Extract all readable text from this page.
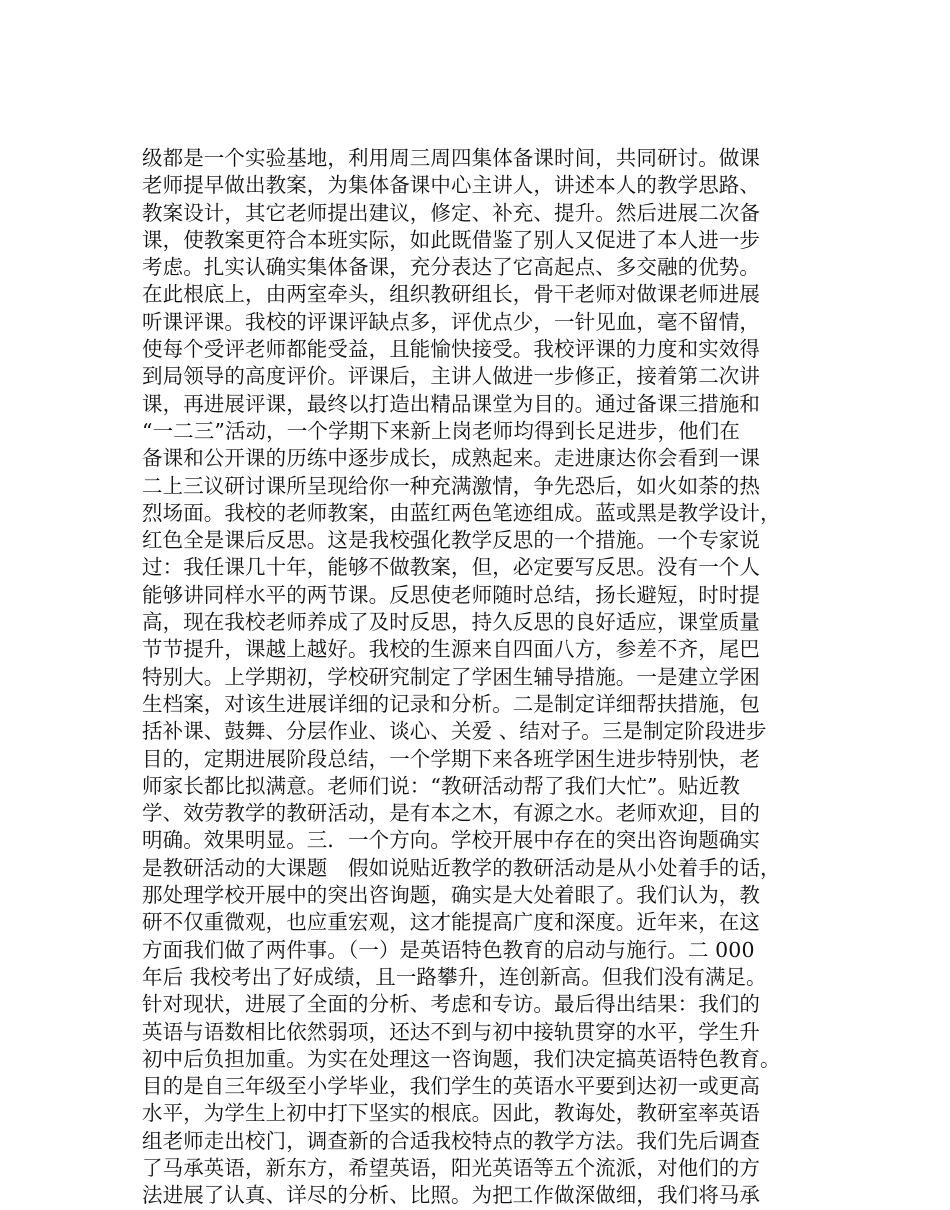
级都是一个实验基地，利用周三周四集体备课时间，共同研讨。做课
老师提早做出教案，为集体备课中心主讲人，讲述本人的教学思路、
教案设计，其它老师提出建议，修定、补充、提升。然后进展二次备
课，使教案更符合本班实际，如此既借鉴了别人又促进了本人进一步
考虑。扎实认确实集体备课，充分表达了它高起点、多交融的优势。
在此根底上，由两室牵头，组织教研组长，骨干老师对做课老师进展
听课评课。我校的评课评缺点多，评优点少，一针见血，毫不留情，
使每个受评老师都能受益，且能愉快接受。我校评课的力度和实效得
到局领导的高度评价。评课后，主讲人做进一步修正，接着第二次讲
课，再进展评课，最终以打造出精品课堂为目的。通过备课三措施和
“一二三”活动，一个学期下来新上岗老师均得到长足进步，他们在
备课和公开课的历练中逐步成长，成熟起来。走进康达你会看到一课
二上三议研讨课所呈现给你一种充满激情，争先恐后，如火如荼的热
烈场面。我校的老师教案，由蓝红两色笔迹组成。蓝或黑是教学设计，
红色全是课后反思。这是我校强化教学反思的一个措施。一个专家说
过：我任课几十年，能够不做教案，但，必定要写反思。没有一个人
能够讲同样水平的两节课。反思使老师随时总结，扬长避短，时时提
高，现在我校老师养成了及时反思，持久反思的良好适应，课堂质量
节节提升，课越上越好。我校的生源来自四面八方，参差不齐，尾巴
特别大。上学期初，学校研究制定了学困生辅导措施。一是建立学困
生档案，对该生进展详细的记录和分析。二是制定详细帮扶措施，包
括补课、鼓舞、分层作业、谈心、关爱 、结对子。三是制定阶段进步
目的，定期进展阶段总结，一个学期下来各班学困生进步特别快，老
师家长都比拟满意。老师们说：“教研活动帮了我们大忙”。贴近教
学、效劳教学的教研活动，是有本之木，有源之水。老师欢迎，目的
明确。效果明显。三．一个方向。学校开展中存在的突出咨询题确实
是教研活动的大课题　假如说贴近教学的教研活动是从小处着手的话，
那处理学校开展中的突出咨询题，确实是大处着眼了。我们认为，教
研不仅重微观，也应重宏观，这才能提高广度和深度。近年来，在这
方面我们做了两件事。（一）是英语特色教育的启动与施行。二 000
年后 我校考出了好成绩，且一路攀升，连创新高。但我们没有满足。
针对现状，进展了全面的分析、考虑和专访。最后得出结果：我们的
英语与语数相比依然弱项，还达不到与初中接轨贯穿的水平，学生升
初中后负担加重。为实在处理这一咨询题，我们决定搞英语特色教育。
目的是自三年级至小学毕业，我们学生的英语水平要到达初一或更高
水平，为学生上初中打下坚实的根底。因此，教诲处，教研室率英语
组老师走出校门，调查新的合适我校特点的教学方法。我们先后调查
了马承英语，新东方，希望英语，阳光英语等五个流派，对他们的方
法进展了认真、详尽的分析、比照。为把工作做深做细，我们将马承
